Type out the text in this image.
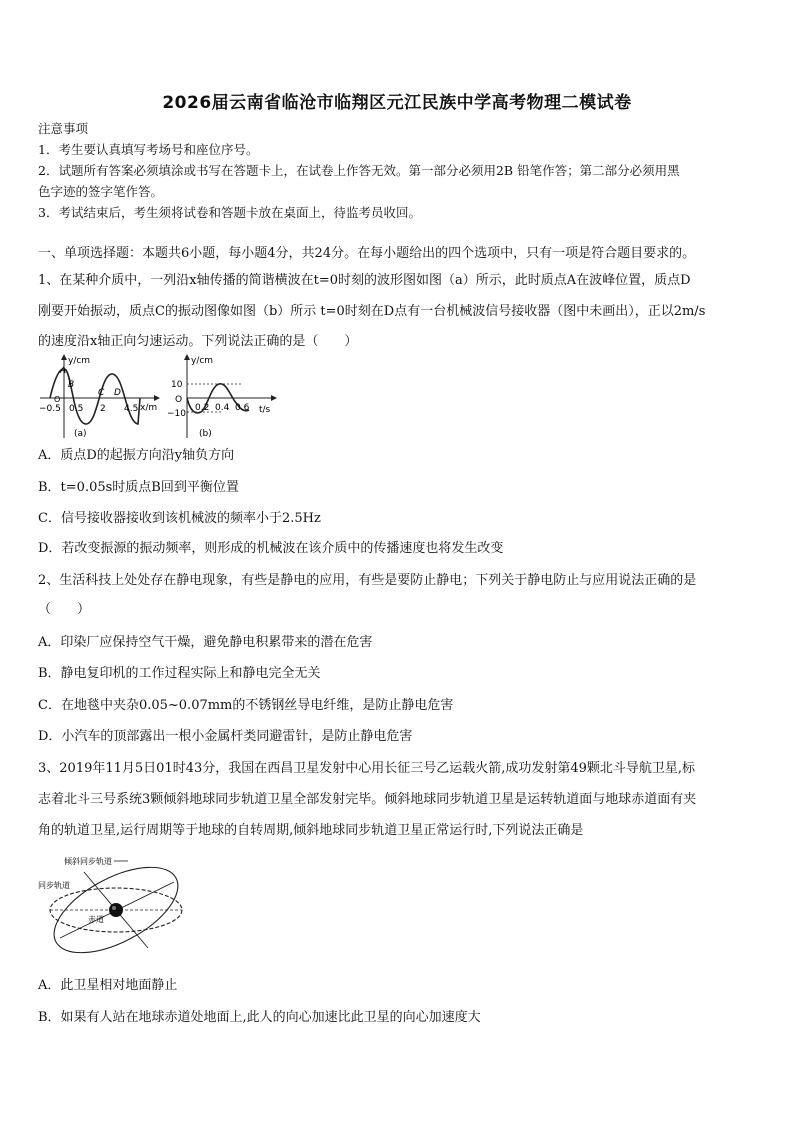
2026届云南省临沧市临翔区元江民族中学高考物理二模试卷
注意事项
1．考生要认真填写考场号和座位序号。
2．试题所有答案必须填涂或书写在答题卡上，在试卷上作答无效。第一部分必须用2B 铅笔作答；第二部分必须用黑
色字迹的签字笔作答。
3．考试结束后，考生须将试卷和答题卡放在桌面上，待监考员收回。
一、单项选择题：本题共6小题，每小题4分，共24分。在每小题给出的四个选项中，只有一项是符合题目要求的。
1、在某种介质中，一列沿x轴传播的简谐横波在t=0时刻的波形图如图（a）所示，此时质点A在波峰位置，质点D
刚要开始振动，质点C的振动图像如图（b）所示 t=0时刻在D点有一台机械波信号接收器（图中未画出），正以2m/s
的速度沿x轴正向匀速运动。下列说法正确的是（　　）
y/cm
x/m
−0.5 0.5 2 4.5
A
B
C D
O
(a)
y/cm
t/s
10
O
−10
0.2 0.4 0.6
(b)
A．质点D的起振方向沿y轴负方向
B．t=0.05s时质点B回到平衡位置
C．信号接收器接收到该机械波的频率小于2.5Hz
D．若改变振源的振动频率，则形成的机械波在该介质中的传播速度也将发生改变
2、生活科技上处处存在静电现象，有些是静电的应用，有些是要防止静电；下列关于静电防止与应用说法正确的是
（　　）
A．印染厂应保持空气干燥，避免静电积累带来的潜在危害
B．静电复印机的工作过程实际上和静电完全无关
C．在地毯中夹杂0.05~0.07mm的不锈钢丝导电纤维，是防止静电危害
D．小汽车的顶部露出一根小金属杆类同避雷针，是防止静电危害
3、2019年11月5日01时43分，我国在西昌卫星发射中心用长征三号乙运载火箭,成功发射第49颗北斗导航卫星,标
志着北斗三号系统3颗倾斜地球同步轨道卫星全部发射完毕。倾斜地球同步轨道卫星是运转轨道面与地球赤道面有夹
角的轨道卫星,运行周期等于地球的自转周期,倾斜地球同步轨道卫星正常运行时,下列说法正确是
倾斜同步轨道
同步轨道
赤道
A．此卫星相对地面静止
B．如果有人站在地球赤道处地面上,此人的向心加速比此卫星的向心加速度大
